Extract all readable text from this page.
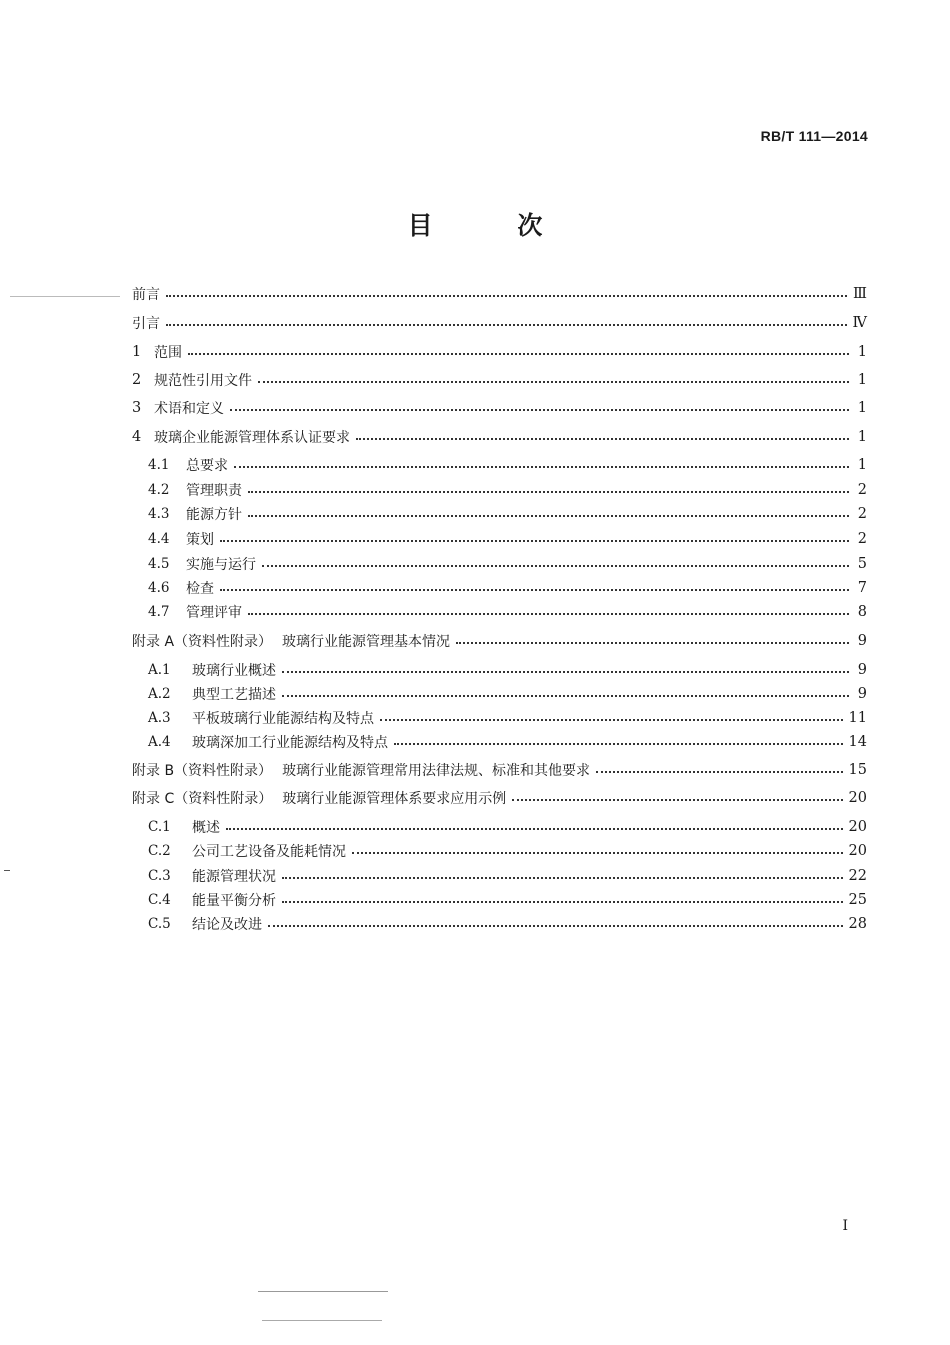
RB/T 111—2014
目 次
前言	Ⅲ
引言	Ⅳ
1 范围	1
2 规范性引用文件	1
3 术语和定义	1
4 玻璃企业能源管理体系认证要求	1
4.1	总要求	1
4.2	管理职责	2
4.3	能源方针	2
4.4	策划	2
4.5	实施与运行	5
4.6	检查	7
4.7	管理评审	8
附录 A（资料性附录） 玻璃行业能源管理基本情况	9
A.1	玻璃行业概述	9
A.2	典型工艺描述	9
A.3	平板玻璃行业能源结构及特点	11
A.4	玻璃深加工行业能源结构及特点	14
附录 B（资料性附录） 玻璃行业能源管理常用法律法规、标准和其他要求	15
附录 C（资料性附录） 玻璃行业能源管理体系要求应用示例	20
C.1	概述	20
C.2	公司工艺设备及能耗情况	20
C.3	能源管理状况	22
C.4	能量平衡分析	25
C.5	结论及改进	28
I
